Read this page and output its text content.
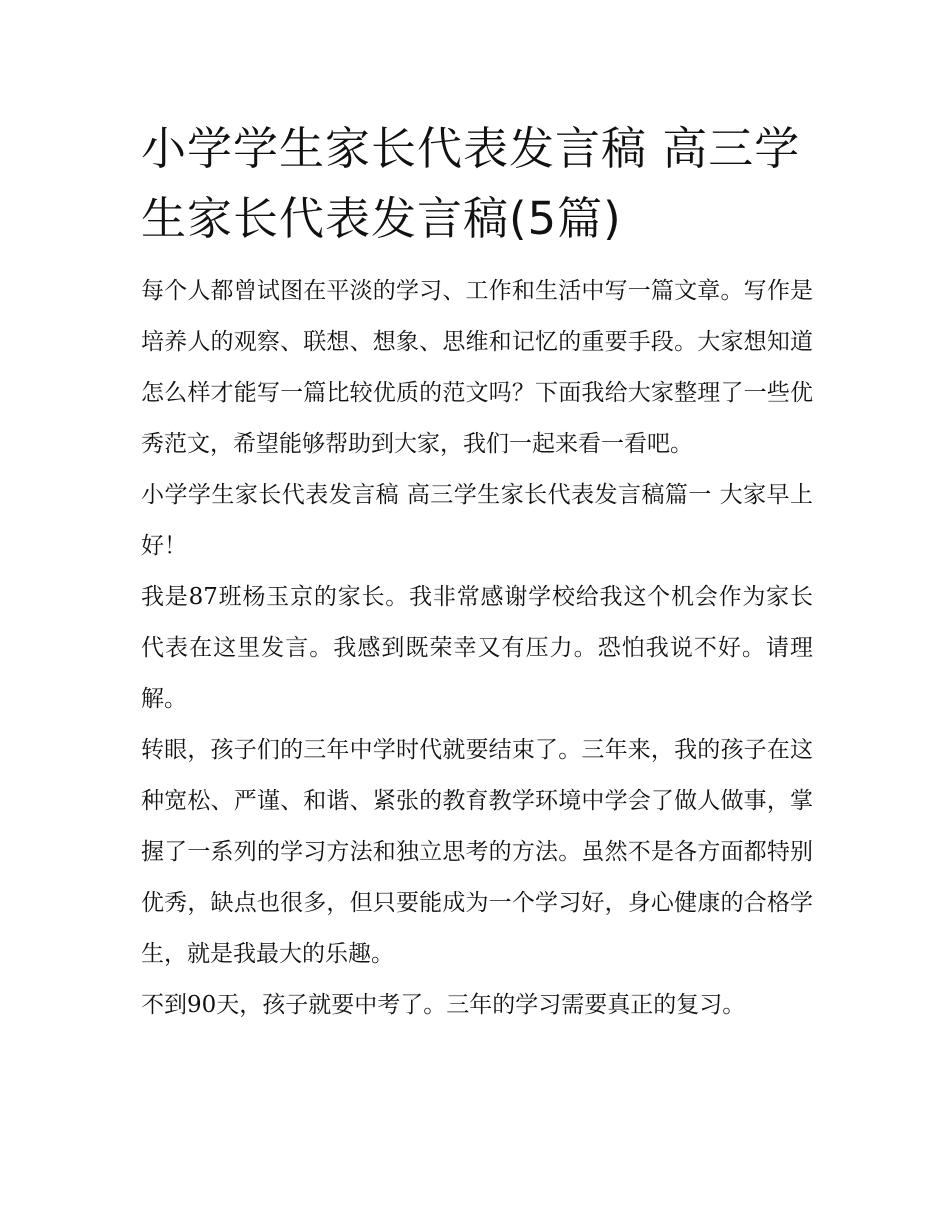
小学学生家长代表发言稿 高三学生家长代表发言稿(5篇)

每个人都曾试图在平淡的学习、工作和生活中写一篇文章。写作是培养人的观察、联想、想象、思维和记忆的重要手段。大家想知道怎么样才能写一篇比较优质的范文吗？下面我给大家整理了一些优秀范文，希望能够帮助到大家，我们一起来看一看吧。

小学学生家长代表发言稿 高三学生家长代表发言稿篇一 大家早上好！

我是87班杨玉京的家长。我非常感谢学校给我这个机会作为家长代表在这里发言。我感到既荣幸又有压力。恐怕我说不好。请理解。

转眼，孩子们的三年中学时代就要结束了。三年来，我的孩子在这种宽松、严谨、和谐、紧张的教育教学环境中学会了做人做事，掌握了一系列的学习方法和独立思考的方法。虽然不是各方面都特别优秀，缺点也很多，但只要能成为一个学习好，身心健康的合格学生，就是我最大的乐趣。

不到90天，孩子就要中考了。三年的学习需要真正的复习。
